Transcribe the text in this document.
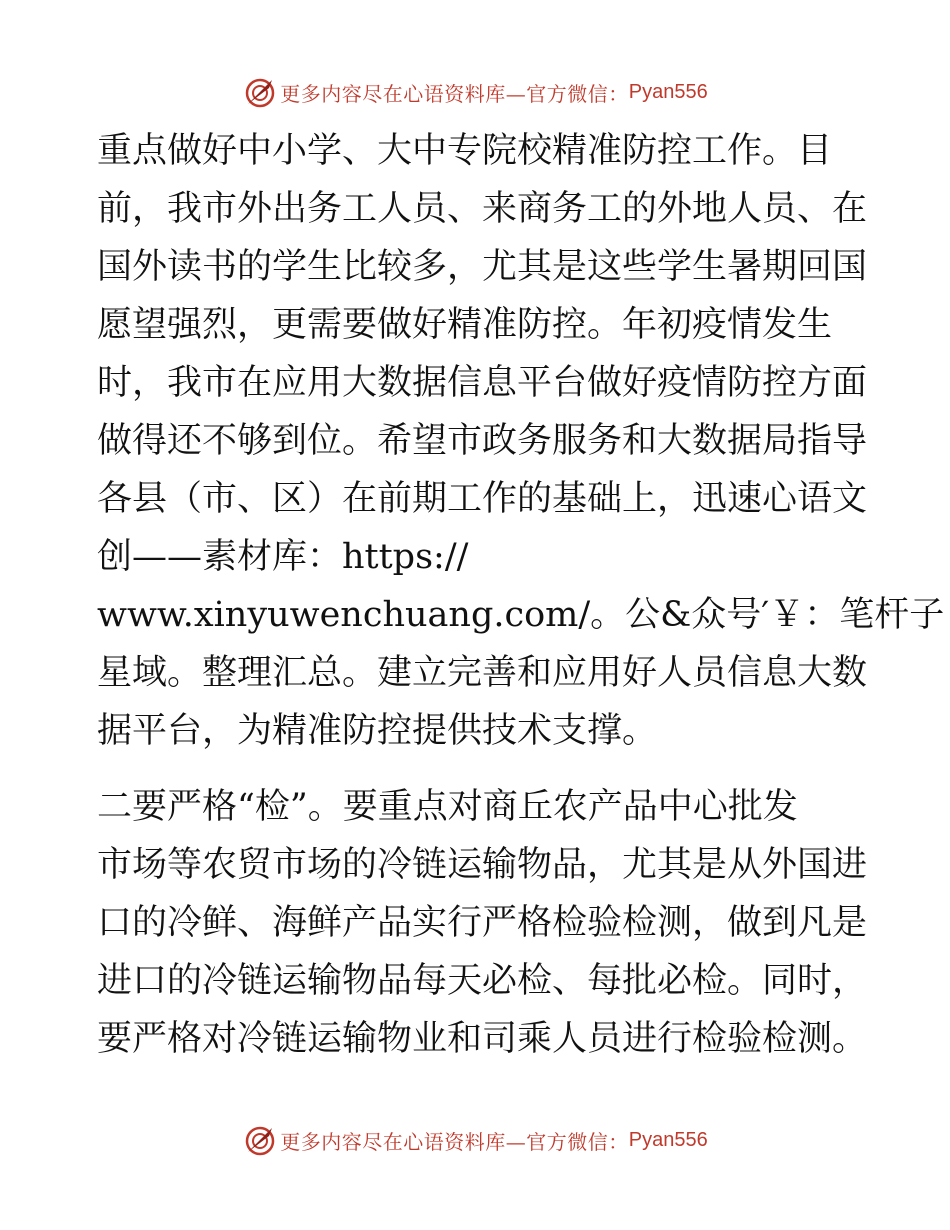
更多内容尽在心语资料库—官方微信： Pyan556

重点做好中小学、大中专院校精准防控工作。目
前，我市外出务工人员、来商务工的外地人员、在
国外读书的学生比较多，尤其是这些学生暑期回国
愿望强烈，更需要做好精准防控。年初疫情发生
时，我市在应用大数据信息平台做好疫情防控方面
做得还不够到位。希望市政务服务和大数据局指导
各县（市、区）在前期工作的基础上，迅速心语文
创——素材库：https://
www.xinyuwenchuang.com/。公&众号′￥：笔杆子
星域。整理汇总。建立完善和应用好人员信息大数
据平台，为精准防控提供技术支撑。

二要严格“检”。要重点对商丘农产品中心批发
市场等农贸市场的冷链运输物品，尤其是从外国进
口的冷鲜、海鲜产品实行严格检验检测，做到凡是
进口的冷链运输物品每天必检、每批必检。同时，
要严格对冷链运输物业和司乘人员进行检验检测。

更多内容尽在心语资料库—官方微信： Pyan556
